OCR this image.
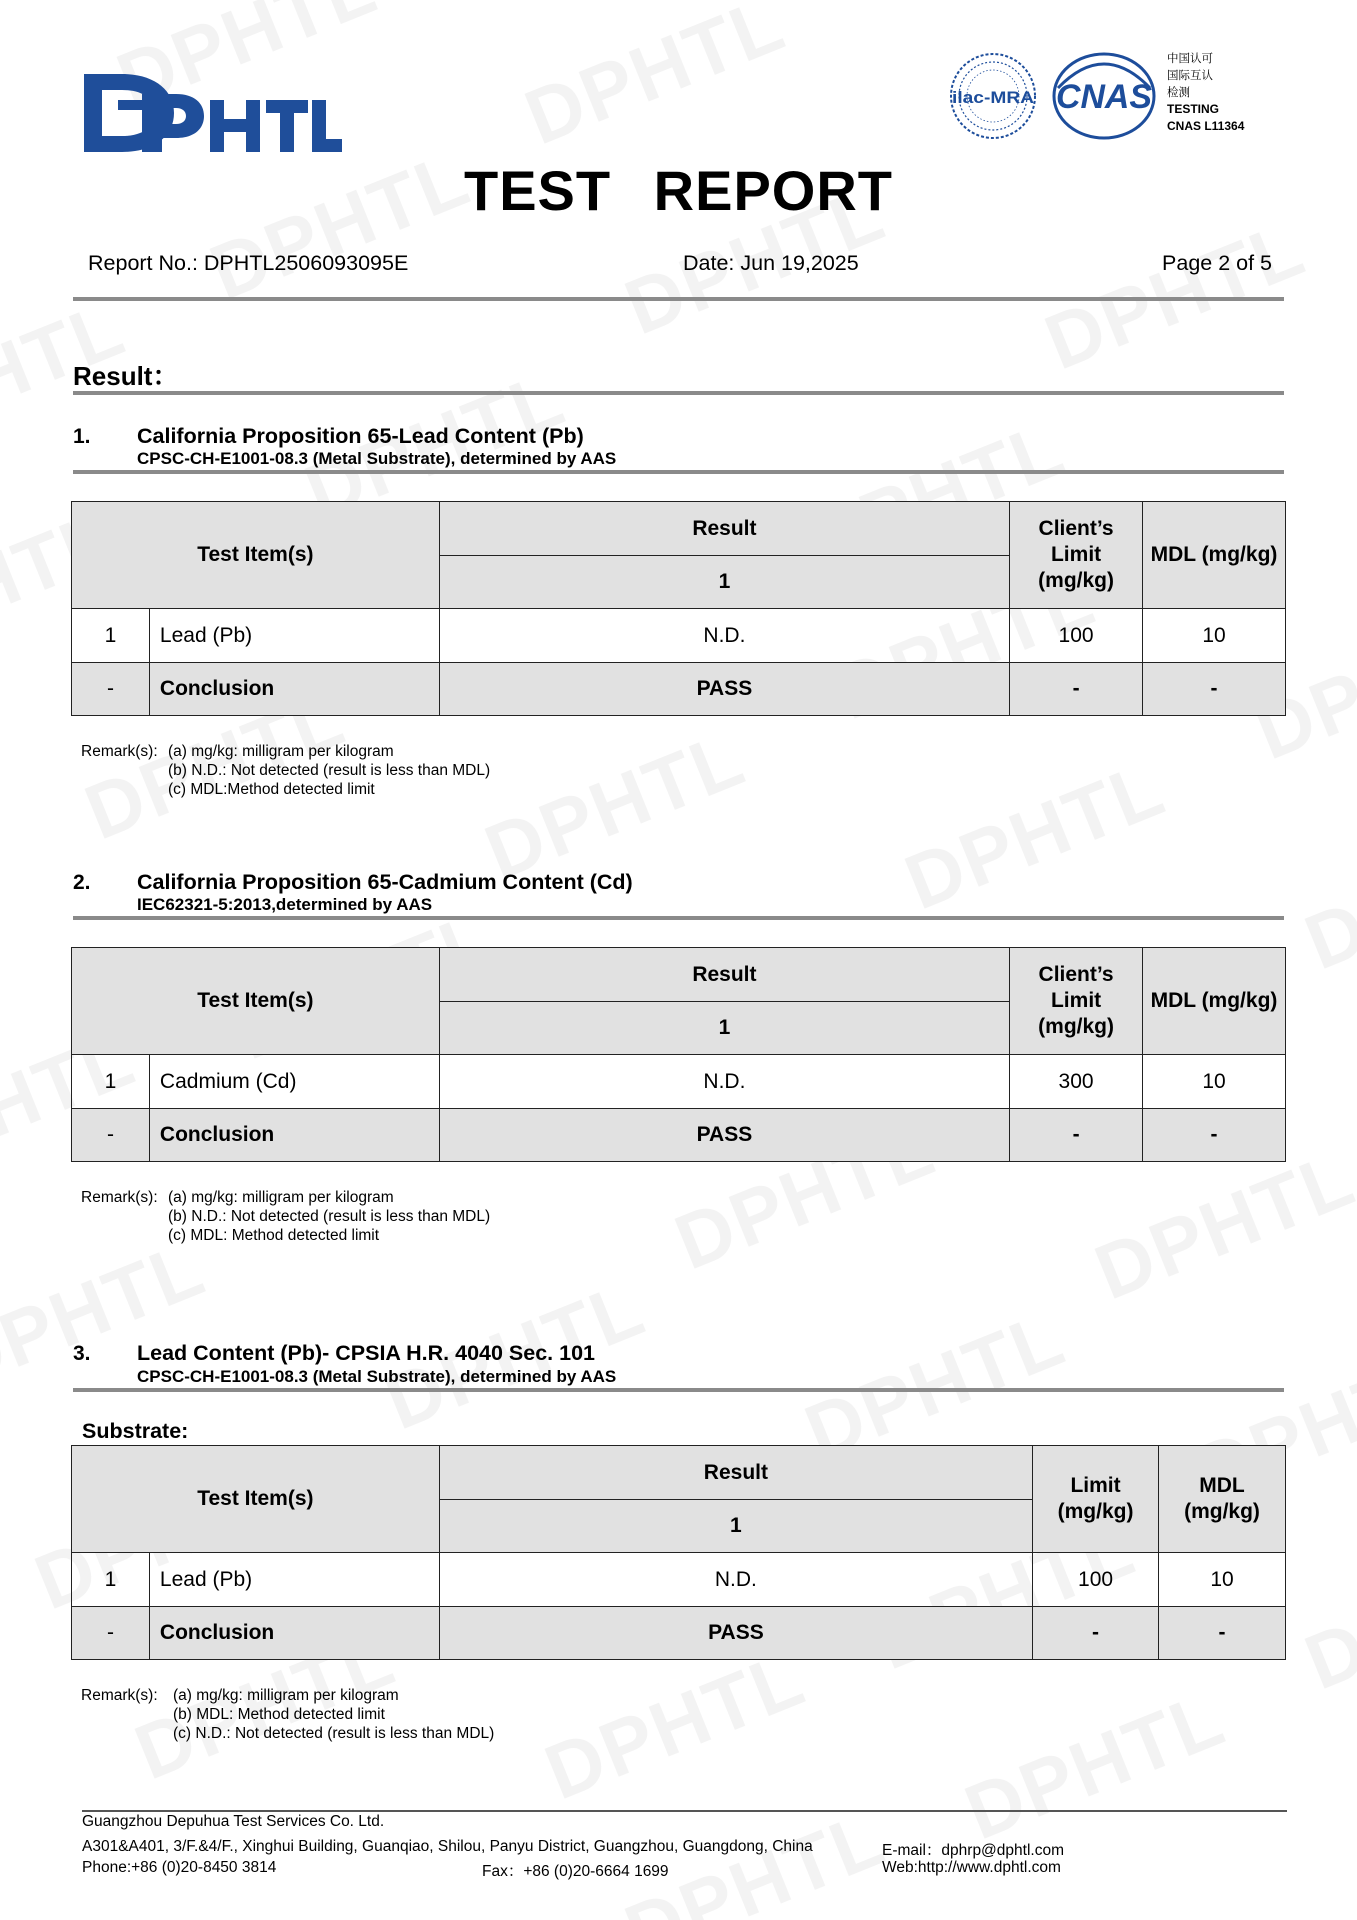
ilac-MRA CNAS
中国认可
国际互认
检测
TESTING
CNAS L11364
TEST REPORT
Report No.: DPHTL2506093095E	Date: Jun 19,2025	Page 2 of 5
Result：
1. California Proposition 65-Lead Content (Pb)
CPSC-CH-E1001-08.3 (Metal Substrate), determined by AAS
Test Item(s)		Result	Client’s Limit (mg/kg)	MDL (mg/kg)
		1		
1	Lead (Pb)	N.D.	100	10
-	Conclusion	PASS	-	-
Remark(s): (a) mg/kg: milligram per kilogram
(b) N.D.: Not detected (result is less than MDL)
(c) MDL:Method detected limit
2. California Proposition 65-Cadmium Content (Cd)
IEC62321-5:2013,determined by AAS
Test Item(s)		Result	Client’s Limit (mg/kg)	MDL (mg/kg)
		1		
1	Cadmium (Cd)	N.D.	300	10
-	Conclusion	PASS	-	-
Remark(s): (a) mg/kg: milligram per kilogram
(b) N.D.: Not detected (result is less than MDL)
(c) MDL: Method detected limit
3. Lead Content (Pb)- CPSIA H.R. 4040 Sec. 101
CPSC-CH-E1001-08.3 (Metal Substrate), determined by AAS
Substrate:
Test Item(s)		Result	Limit (mg/kg)	MDL (mg/kg)
		1		
1	Lead (Pb)	N.D.	100	10
-	Conclusion	PASS	-	-
Remark(s): (a) mg/kg: milligram per kilogram
(b) MDL: Method detected limit
(c) N.D.: Not detected (result is less than MDL)
Guangzhou Depuhua Test Services Co. Ltd.
A301&A401, 3/F.&4/F., Xinghui Building, Guanqiao, Shilou, Panyu District, Guangzhou, Guangdong, China
Phone:+86 (0)20-8450 3814	Fax：+86 (0)20-6664 1699
E-mail：dphrp@dphtl.com
Web:http://www.dphtl.com
